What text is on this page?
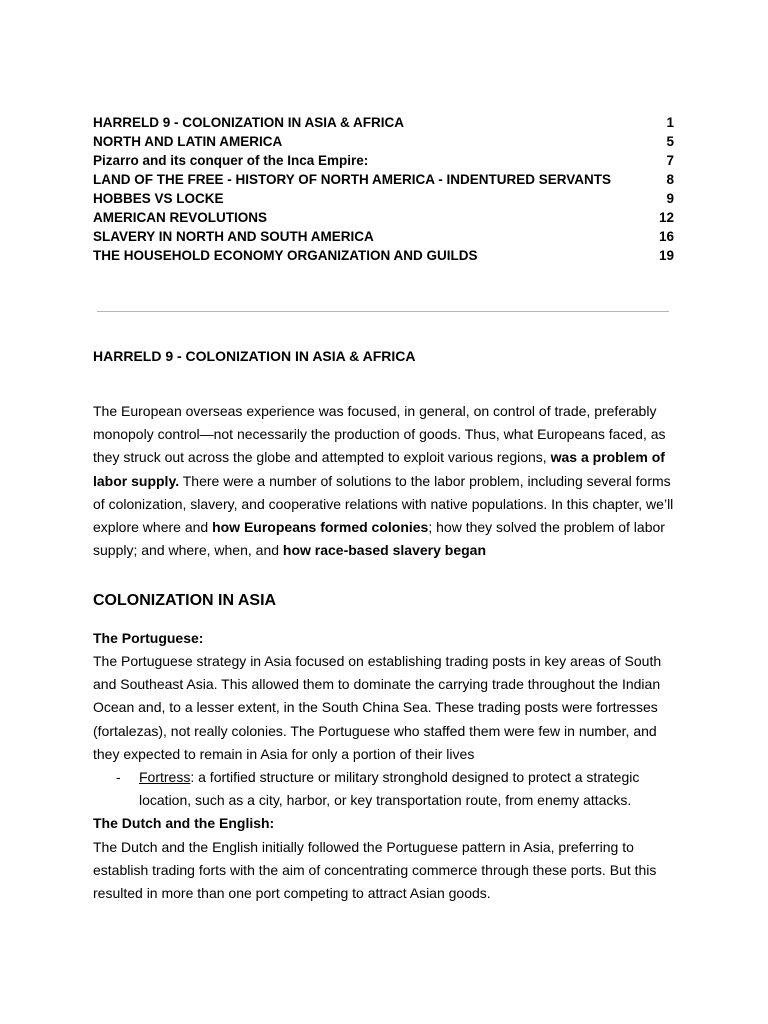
HARRELD 9 - COLONIZATION IN ASIA & AFRICA	1
NORTH AND LATIN AMERICA	5
Pizarro and its conquer of the Inca Empire:	7
LAND OF THE FREE - HISTORY OF NORTH AMERICA - INDENTURED SERVANTS	8
HOBBES VS LOCKE	9
AMERICAN REVOLUTIONS	12
SLAVERY IN NORTH AND SOUTH AMERICA	16
THE HOUSEHOLD ECONOMY ORGANIZATION AND GUILDS	19
HARRELD 9 - COLONIZATION IN ASIA & AFRICA

The European overseas experience was focused, in general, on control of trade, preferably monopoly control—not necessarily the production of goods. Thus, what Europeans faced, as they struck out across the globe and attempted to exploit various regions, was a problem of labor supply. There were a number of solutions to the labor problem, including several forms of colonization, slavery, and cooperative relations with native populations. In this chapter, we’ll explore where and how Europeans formed colonies; how they solved the problem of labor supply; and where, when, and how race-based slavery began

COLONIZATION IN ASIA

The Portuguese:

The Portuguese strategy in Asia focused on establishing trading posts in key areas of South and Southeast Asia. This allowed them to dominate the carrying trade throughout the Indian Ocean and, to a lesser extent, in the South China Sea. These trading posts were fortresses (fortalezas), not really colonies. The Portuguese who staffed them were few in number, and they expected to remain in Asia for only a portion of their lives

-	Fortress: a fortified structure or military stronghold designed to protect a strategic location, such as a city, harbor, or key transportation route, from enemy attacks.

The Dutch and the English:

The Dutch and the English initially followed the Portuguese pattern in Asia, preferring to establish trading forts with the aim of concentrating commerce through these ports. But this resulted in more than one port competing to attract Asian goods.
